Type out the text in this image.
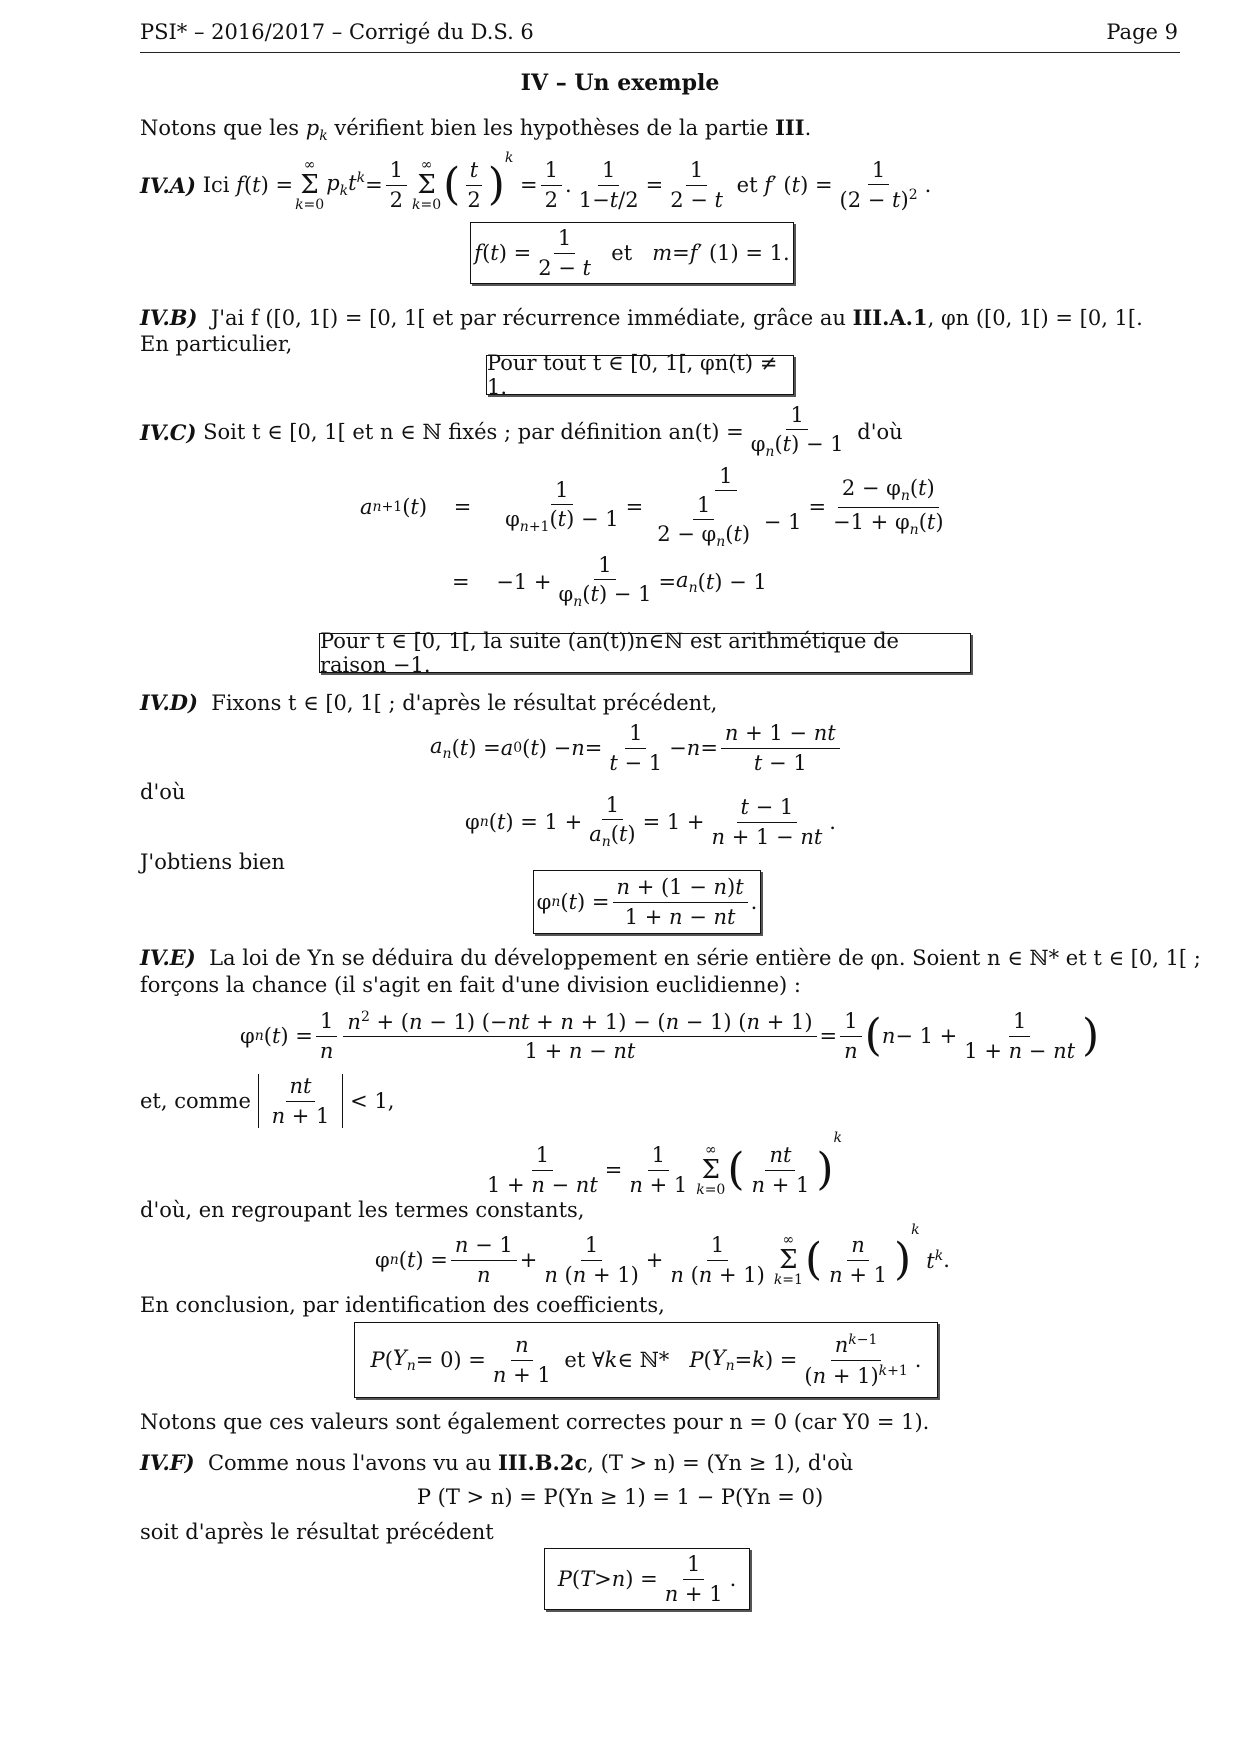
PSI* – 2016/2017 – Corrigé du D.S. 6	Page 9
IV – Un exemple
Notons que les $p_k$ vérifient bien les hypothèses de la partie III.
IV.A)
Ici
f ( t ) =
∞
Σ
k=0
$p_kt^k = \frac{1}{2}$ ∞
Σ
k=0 ( $\frac{t}{2}$ )
$^k$
= $\frac{1}{2}$ . $\frac{1}{1-t/2} = \frac{1}{2 - t}$
et
f ′ ( t ) = $\frac{1}{(2 - t)^2}$ .
f ( t ) = $\frac{1}{2 - t}$ et m = f ′ (1) = 1.
IV.B) J'ai f ([0, 1[) = [0, 1[ et par récurrence immédiate, grâce au III.A.1, φn ([0, 1[) = [0, 1[.
En particulier,
Pour tout t ∈ [0, 1[, φn(t) ≠ 1.
IV.C)
Soit t ∈ [0, 1[ et n ∈ ℕ fixés ; par définition $an(t) = \frac{1}{\varphi_n(t) - 1}$
d'où
a n+1 ( t )    = $\frac{1}{\varphi_{n+1}(t) - 1} = \frac{1}{\frac{1}{2 - \varphi_n(t)} - 1} = \frac{2 - \varphi_n(t)}{-1 + \varphi_n(t)}$
=    $-1 + \frac{1}{\varphi_n(t) - 1} = a_n$ ( t ) − 1
Pour t ∈ [0, 1[, la suite (an(t))n∈ℕ est arithmétique de raison −1.
IV.D) Fixons t ∈ [0, 1[ ; d'après le résultat précédent,
$a_n$ ( t ) = a 0 ( t ) − $n = \frac{1}{t - 1} - n = \frac{n + 1 - nt}{t - 1}$
d'où
φ n ( t ) = $1 + \frac{1}{a_n(t)} = 1 + \frac{t - 1}{n + 1 - nt}$ .
J'obtiens bien
φ n ( t ) = $\frac{n + (1 - n)t}{1 + n - nt}$ .
IV.E) La loi de Yn se déduira du développement en série entière de φn. Soient n ∈ ℕ* et t ∈ [0, 1[ ;
forçons la chance (il s'agit en fait d'une division euclidienne) :
φ n ( t ) = $\frac{1}{n} \frac{n^2 + (n - 1) (-nt + n + 1) - (n - 1) (n + 1)}{1 + n - nt} = \frac{1}{n}$ ( $n - 1 + \frac{1}{1 + n - nt}$ )
et, comme
$\frac{nt}{n + 1} < 1$,
$\frac{1}{1 + n - nt} = \frac{1}{n + 1}$ ∞
Σ
k=0 ( $\frac{nt}{n + 1}$ )
k
d'où, en regroupant les termes constants,
φ n ( t ) = $\frac{n - 1}{n} + \frac{1}{n (n + 1)} + \frac{1}{n (n + 1)}$ ∞
Σ
k=1 ( $\frac{n}{n + 1}$ )
k

$t^k$ .
En conclusion, par identification des coefficients,
P ( $Y_n = 0) = \frac{n}{n + 1}$ et ∀ k ∈ ℕ* P ( $Y_n = k$ ) = $\frac{n^{k-1}}{(n + 1)^{k+1}}$ .
Notons que ces valeurs sont également correctes pour n = 0 (car Y0 = 1).
IV.F) Comme nous l'avons vu au III.B.2c, (T > n) = (Yn ≥ 1), d'où
P (T > n) = P(Yn ≥ 1) = 1 − P(Yn = 0)
soit d'après le résultat précédent
P ( T > n ) = $\frac{1}{n + 1}$ .
